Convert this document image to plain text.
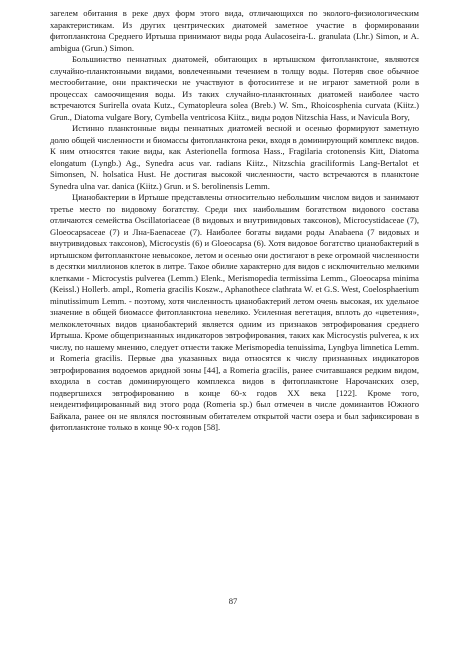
загелем обитания в реке двух форм этого вида, отличающихся по эколого-физиологическим характеристикам. Из других центрических диатомей заметное участие в формировании фитопланктона Среднего Иртыша принимают виды рода Aulacoseira-L. granulata (Lhr.) Simon, и A. ambigua (Grun.) Simon.

Большинство пеннатных диатомей, обитающих в иртышском фитопланктоне, являются случайно-планктонными видами, вовлеченными течением в толщу воды. Потеряв свое обычное местообитание, они практически не участвуют в фотосинтезе и не играют заметной роли в процессах самоочищения воды. Из таких случайно-планктонных диатомей наиболее часто встречаются Surirella ovata Kutz., Cymatopleura solea (Breb.) W. Sm., Rhoicosphenia curvata (Kiitz.) Grun., Diatoma vulgare Bory, Cymbella ventricosa Kiitz., виды родов Nitzschia Hass, и Navicula Bory,

Истинно планктонные виды пеннатных диатомей весной и осенью формируют заметную долю общей численности и биомассы фитопланктона реки, входя в доминирующий комплекс видов. К ним относятся такие виды, как Asterionella formosa Hass., Fragilaria crotonensis Kitt, Diatoma elongatum (Lyngb.) Ag., Synedra acus var. radians Kiitz., Nitzschia graciliformis Lang-Bertalot et Simonsen, N. holsatica Hust. Не достигая высокой численности, часто встречаются в планктоне Synedra ulna var. danica (Kiitz.) Grun. и S. berolinensis Lemm.

Цианобактерии в Иртыше представлены относительно небольшим числом видов и занимают третье место по видовому богатству. Среди них наибольшим богатством видового состава отличаются семейства Oscillatoriaceae (8 видовых и внутривидовых таксонов), Microcystidaceae (7), Gloeocapsaceae (7) и Лна-Баenaceae (7). Наиболее богаты видами роды Anabaena (7 видовых и внутривидовых таксонов), Microcystis (6) и Gloeocapsa (6). Хотя видовое богатство цианобактерий в иртышском фитопланктоне невысокое, летом и осенью они достигают в реке огромной численности в десятки миллионов клеток в литре. Такое обилие характерно для видов с исключительно мелкими клетками - Microcystis pulverea (Lemm.) Elenk., Merismopedia termissima Lemm., Gloeocapsa minima (Keissl.) Hollerb. ampl., Romeria gracilis Koszw., Aphanothece clathrata W. et G.S. West, Coelosphaerium minutissimum Lemm. - поэтому, хотя численность цианобактерий летом очень высокая, их удельное значение в общей биомассе фитопланктона невелико. Усиленная вегетация, вплоть до «цветения», мелкоклеточных видов цианобактерий является одним из признаков эвтрофирования среднего Иртыша. Кроме общепризнанных индикаторов эвтрофирования, таких как Microcystis pulverea, к их числу, по нашему мнению, следует отнести также Merismopedia tenuissima, Lyngbya limnetica Lemm. и Romeria gracilis. Первые два указанных вида относятся к числу признанных индикаторов эвтрофирования водоемов аридной зоны [44], а Romeria gracilis, ранее считавшаяся редким видом, входила в состав доминирующего комплекса видов в фитопланктоне Нарочанских озер, подвергшихся эвтрофированию в конце 60-х годов XX века [122]. Кроме того, неидентифицированный вид этого рода (Romeria sp.) был отмечен в числе доминантов Южного Байкала, ранее он не являлся постоянным обитателем открытой части озера и был зафиксирован в фитопланктоне только в конце 90-х годов [58].

87
